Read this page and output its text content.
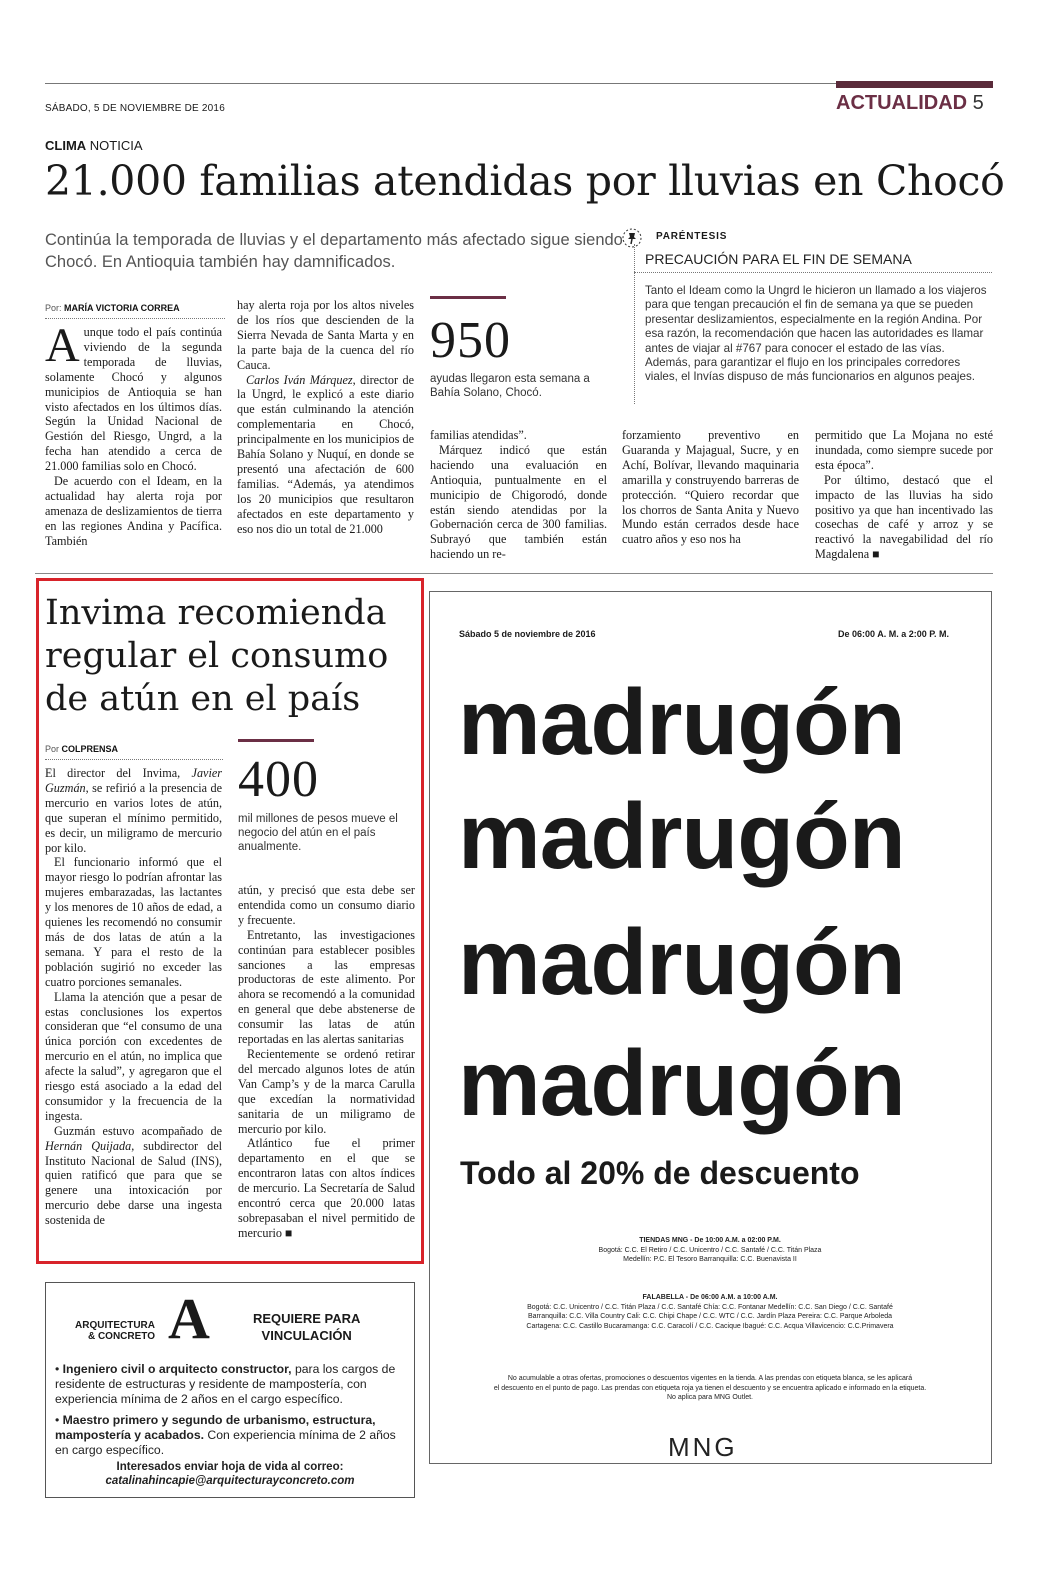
SÁBADO, 5 DE NOVIEMBRE DE 2016	ACTUALIDAD 5
CLIMA NOTICIA
21.000 familias atendidas por lluvias en Chocó
Continúa la temporada de lluvias y el departamento más afectado sigue siendo Chocó. En Antioquia también hay damnificados.
Por: MARÍA VICTORIA CORREA

Aunque todo el país continúa viviendo de la segunda temporada de lluvias, solamente Chocó y algunos municipios de Antioquia se han visto afectados en los últimos días. Según la Unidad Nacional de Gestión del Riesgo, Ungrd, a la fecha han atendido a cerca de 21.000 familias solo en Chocó.

De acuerdo con el Ideam, en la actualidad hay alerta roja por amenaza de deslizamientos de tierra en las regiones Andina y Pacífica. También

hay alerta roja por los altos niveles de los ríos que descienden de la Sierra Nevada de Santa Marta y en la parte baja de la cuenca del río Cauca.

Carlos Iván Márquez, director de la Ungrd, le explicó a este diario que están culminando la atención complementaria en Chocó, principalmente en los municipios de Bahía Solano y Nuquí, en donde se presentó una afectación de 600 familias. “Además, ya atendimos los 20 municipios que resultaron afectados en este departamento y eso nos dio un total de 21.000

950
ayudas llegaron esta semana a Bahía Solano, Chocó.

familias atendidas”.

Márquez indicó que están haciendo una evaluación en Antioquia, puntualmente en el municipio de Chigorodó, donde están siendo atendidas por la Gobernación cerca de 300 familias. Subrayó que también están haciendo un re-

forzamiento preventivo en Guaranda y Majagual, Sucre, y en Achí, Bolívar, llevando maquinaria amarilla y construyendo barreras de protección. “Quiero recordar que los chorros de Santa Anita y Nuevo Mundo están cerrados desde hace cuatro años y eso nos ha

permitido que La Mojana no esté inundada, como siempre sucede por esta época”.

Por último, destacó que el impacto de las lluvias ha sido positivo ya que han incentivado las cosechas de café y arroz y se reactivó la navegabilidad del río Magdalena ■

PARÉNTESIS
PRECAUCIÓN PARA EL FIN DE SEMANA
Tanto el Ideam como la Ungrd le hicieron un llamado a los viajeros para que tengan precaución el fin de semana ya que se pueden presentar deslizamientos, especialmente en la región Andina. Por esa razón, la recomendación que hacen las autoridades es llamar antes de viajar al #767 para conocer el estado de las vías. Además, para garantizar el flujo en los principales corredores viales, el Invías dispuso de más funcionarios en algunos peajes.
Invima recomienda regular el consumo de atún en el país
Por COLPRENSA
400
mil millones de pesos mueve el negocio del atún en el país anualmente.

El director del Invima, Javier Guzmán, se refirió a la presencia de mercurio en varios lotes de atún, que superan el mínimo permitido, es decir, un miligramo de mercurio por kilo.

El funcionario informó que el mayor riesgo lo podrían afrontar las mujeres embarazadas, las lactantes y los menores de 10 años de edad, a quienes les recomendó no consumir más de dos latas de atún a la semana. Y para el resto de la población sugirió no exceder las cuatro porciones semanales.

Llama la atención que a pesar de estas conclusiones los expertos consideran que “el consumo de una única porción con excedentes de mercurio en el atún, no implica que afecte la salud”, y agregaron que el riesgo está asociado a la edad del consumidor y la frecuencia de la ingesta.

Guzmán estuvo acompañado de Hernán Quijada, subdirector del Instituto Nacional de Salud (INS), quien ratificó que para que se genere una intoxicación por mercurio debe darse una ingesta sostenida de

atún, y precisó que esta debe ser entendida como un consumo diario y frecuente.

Entretanto, las investigaciones continúan para establecer posibles sanciones a las empresas productoras de este alimento. Por ahora se recomendó a la comunidad en general que debe abstenerse de consumir las latas de atún reportadas en las alertas sanitarias

Recientemente se ordenó retirar del mercado algunos lotes de atún Van Camp’s y de la marca Carulla que excedían la normatividad sanitaria de un miligramo de mercurio por kilo.

Atlántico fue el primer departamento en el que se encontraron latas con altos índices de mercurio. La Secretaría de Salud encontró cerca que 20.000 latas sobrepasaban el nivel permitido de mercurio ■

Sábado 5 de noviembre de 2016	De 06:00 A. M. a 2:00 P. M.
madrugón
madrugón
madrugón
madrugón
Todo al 20% de descuento
TIENDAS MNG - De 10:00 A.M. a 02:00 P.M.
Bogotá: C.C. El Retiro / C.C. Unicentro / C.C. Santafé / C.C. Titán Plaza
Medellín: P.C. El Tesoro Barranquilla: C.C. Buenavista II
FALABELLA - De 06:00 A.M. a 10:00 A.M.
Bogotá: C.C. Unicentro / C.C. Titán Plaza / C.C. Santafé Chía: C.C. Fontanar Medellín: C.C. San Diego / C.C. Santafé
Barranquilla: C.C. Villa Country Cali: C.C. Chipi Chape / C.C. WTC / C.C. Jardín Plaza Pereira: C.C. Parque Arboleda
Cartagena: C.C. Castillo Bucaramanga: C.C. Caracolí / C.C. Cacique Ibagué: C.C. Acqua Villavicencio: C.C.Primavera
No acumulable a otras ofertas, promociones o descuentos vigentes en la tienda. A las prendas con etiqueta blanca, se les aplicará
el descuento en el punto de pago. Las prendas con etiqueta roja ya tienen el descuento y se encuentra aplicado e informado en la etiqueta.
No aplica para MNG Outlet.
MNG
ARQUITECTURA
& CONCRETO A	REQUIERE PARA
VINCULACIÓN

• Ingeniero civil o arquitecto constructor, para los cargos de residente de estructuras y residente de mampostería, con experiencia mínima de 2 años en el cargo específico.

• Maestro primero y segundo de urbanismo, estructura, mampostería y acabados. Con experiencia mínima de 2 años en cargo específico.

Interesados enviar hoja de vida al correo:
catalinahincapie@arquitecturayconcreto.com
